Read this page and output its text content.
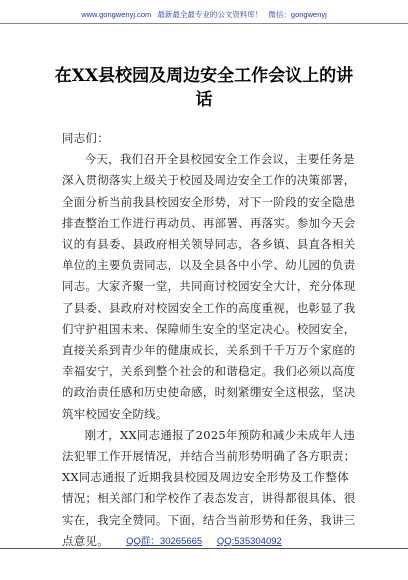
www.gongwenyj.com 最新最全最专业的公文资料库！ 微信：gongwenyj
在XX县校园及周边安全工作会议上的讲话

同志们：

今天，我们召开全县校园安全工作会议，主要任务是深入贯彻落实上级关于校园及周边安全工作的决策部署，全面分析当前我县校园安全形势，对下一阶段的安全隐患排查整治工作进行再动员、再部署、再落实。参加今天会议的有县委、县政府相关领导同志，各乡镇、县直各相关单位的主要负责同志，以及全县各中小学、幼儿园的负责同志。大家齐聚一堂，共同商讨校园安全大计，充分体现了县委、县政府对校园安全工作的高度重视，也彰显了我们守护祖国未来、保障师生安全的坚定决心。校园安全，直接关系到青少年的健康成长，关系到千千万万个家庭的幸福安宁，关系到整个社会的和谐稳定。我们必须以高度的政治责任感和历史使命感，时刻紧绷安全这根弦，坚决筑牢校园安全防线。

刚才，XX同志通报了2025年预防和减少未成年人违法犯罪工作开展情况，并结合当前形势明确了各方职责；XX同志通报了近期我县校园及周边安全形势及工作整体情况；相关部门和学校作了表态发言，讲得都很具体、很实在，我完全赞同。下面，结合当前形势和任务，我讲三点意见。	QQ群：30265665 QQ:535304092
